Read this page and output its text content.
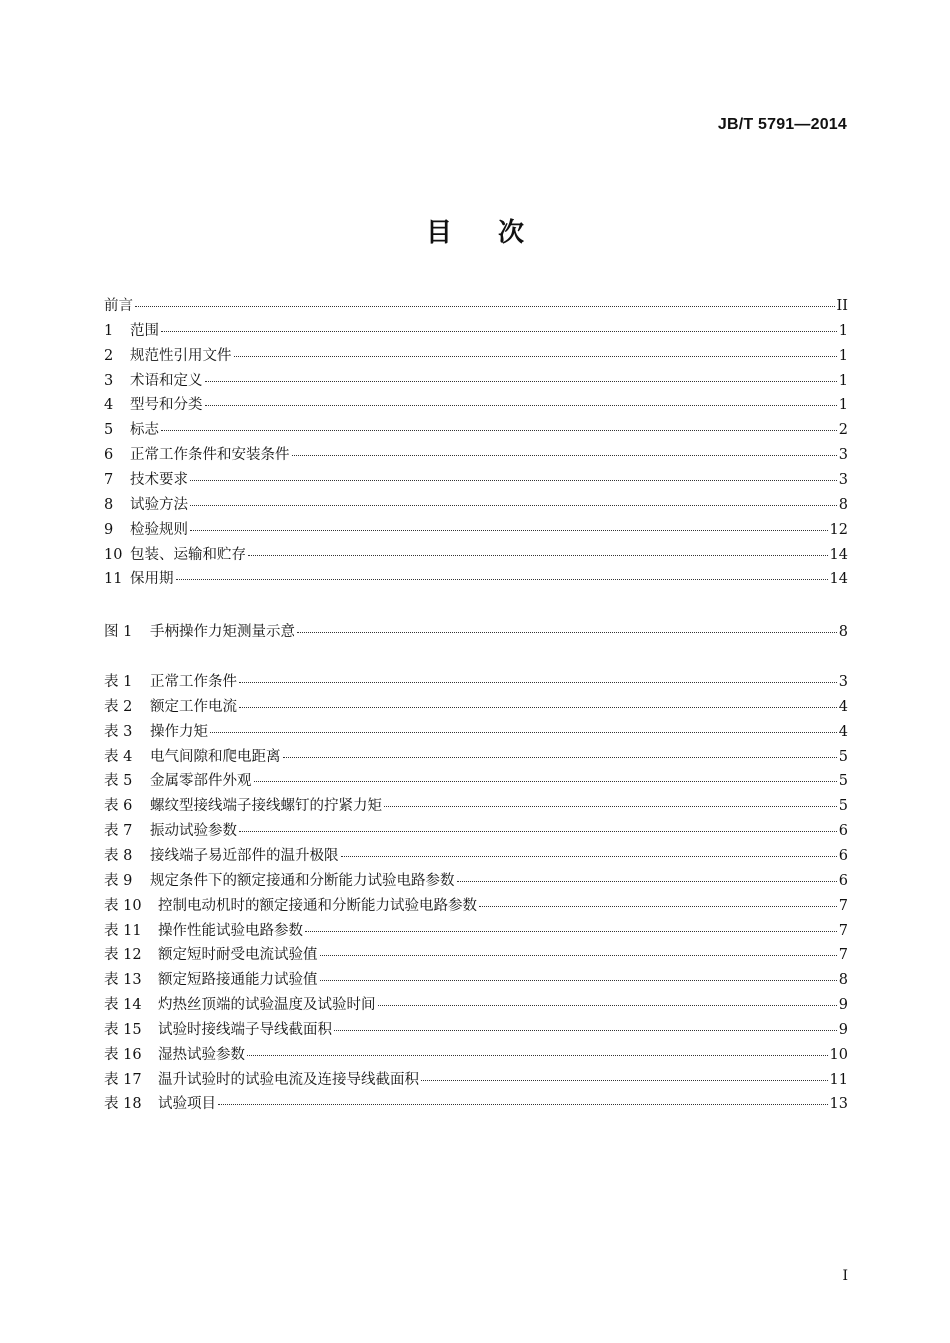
JB/T 5791—2014
目 次
前言	II
1	范围	1
2	规范性引用文件	1
3	术语和定义	1
4	型号和分类	1
5	标志	2
6	正常工作条件和安装条件	3
7	技术要求	3
8	试验方法	8
9	检验规则	12
10 包装、运输和贮存	14
11 保用期	14
图 1	手柄操作力矩测量示意	8
表 1	正常工作条件	3
表 2	额定工作电流	4
表 3	操作力矩	4
表 4	电气间隙和爬电距离	5
表 5	金属零部件外观	5
表 6	螺纹型接线端子接线螺钉的拧紧力矩	5
表 7	振动试验参数	6
表 8	接线端子易近部件的温升极限	6
表 9	规定条件下的额定接通和分断能力试验电路参数	6
表 10	控制电动机时的额定接通和分断能力试验电路参数	7
表 11	操作性能试验电路参数	7
表 12	额定短时耐受电流试验值	7
表 13	额定短路接通能力试验值	8
表 14	灼热丝顶端的试验温度及试验时间	9
表 15	试验时接线端子导线截面积	9
表 16	湿热试验参数	10
表 17	温升试验时的试验电流及连接导线截面积	11
表 18	试验项目	13
I
